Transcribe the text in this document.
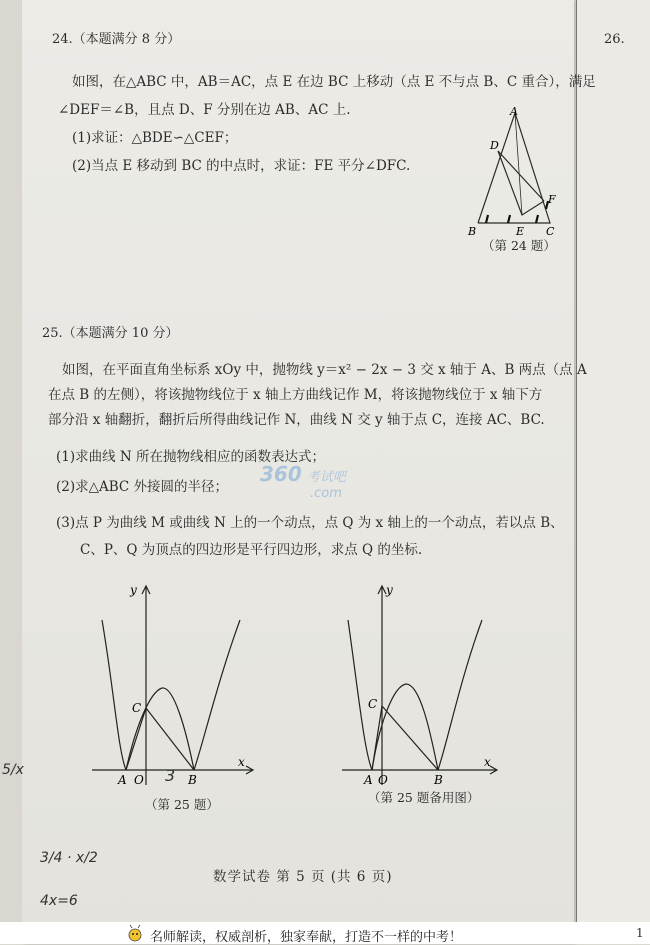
26.
24.（本题满分 8 分）
如图，在△ABC 中，AB＝AC，点 E 在边 BC 上移动（点 E 不与点 B、C 重合），满足
∠DEF＝∠B，且点 D、F 分别在边 AB、AC 上.
(1)求证：△BDE∽△CEF；
(2)当点 E 移动到 BC 的中点时，求证：FE 平分∠DFC.
A
D
F
B	E C
（第 24 题）
25.（本题满分 10 分）
如图，在平面直角坐标系 xOy 中，抛物线 y＝x² − 2x − 3 交 x 轴于 A、B 两点（点 A
在点 B 的左侧），将该抛物线位于 x 轴上方曲线记作 M，将该抛物线位于 x 轴下方
部分沿 x 轴翻折，翻折后所得曲线记作 N，曲线 N 交 y 轴于点 C，连接 AC、BC.
(1)求曲线 N 所在抛物线相应的函数表达式；
(2)求△ABC 外接圆的半径；
(3)点 P 为曲线 M 或曲线 N 上的一个动点，点 Q 为 x 轴上的一个动点，若以点 B、
C、P、Q 为顶点的四边形是平行四边形，求点 Q 的坐标.
360 考试吧
.com
y
x
A O	B
C
（第 25 题）
y
x
A O	B
C
（第 25 题备用图）
3
3/4 · x/2
4x=6
5/x
数学试卷 第 5 页 (共 6 页)
名师解读，权威剖析，独家奉献，打造不一样的中考！	1
